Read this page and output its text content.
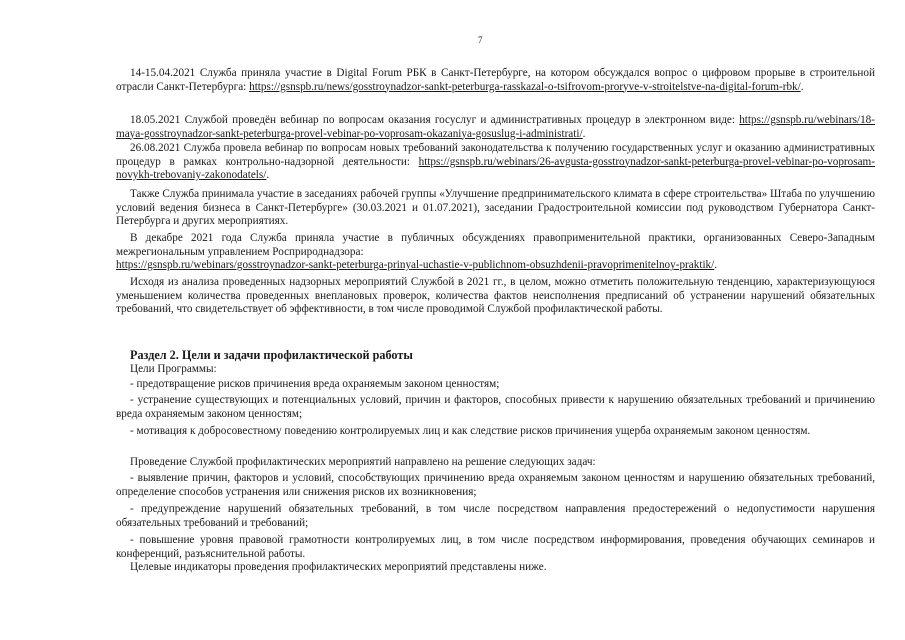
7

14-15.04.2021 Служба приняла участие в Digital Forum РБК в Санкт-Петербурге, на котором обсуждался вопрос о цифровом прорыве в строительной отрасли Санкт-Петербурга: https://gsnspb.ru/news/gosstroynadzor-sankt-peterburga-rasskazal-o-tsifrovom-proryve-v-stroitelstve-na-digital-forum-rbk/.

18.05.2021 Службой проведён вебинар по вопросам оказания госуслуг и административных процедур в электронном виде: https://gsnspb.ru/webinars/18-maya-gosstroynadzor-sankt-peterburga-provel-vebinar-po-voprosam-okazaniya-gosuslug-i-administrati/.

26.08.2021 Служба провела вебинар по вопросам новых требований законодательства к получению государственных услуг и оказанию административных процедур в рамках контрольно-надзорной деятельности: https://gsnspb.ru/webinars/26-avgusta-gosstroynadzor-sankt-peterburga-provel-vebinar-po-voprosam-novykh-trebovaniy-zakonodatels/.

Также Служба принимала участие в заседаниях рабочей группы «Улучшение предпринимательского климата в сфере строительства» Штаба по улучшению условий ведения бизнеса в Санкт-Петербурге» (30.03.2021 и 01.07.2021), заседании Градостроительной комиссии под руководством Губернатора Санкт-Петербурга и других мероприятиях.

В декабре 2021 года Служба приняла участие в публичных обсуждениях правоприменительной практики, организованных Северо-Западным межрегиональным управлением Росприроднадзора:
https://gsnspb.ru/webinars/gosstroynadzor-sankt-peterburga-prinyal-uchastie-v-publichnom-obsuzhdenii-pravoprimenitelnoy-praktik/.

Исходя из анализа проведенных надзорных мероприятий Службой в 2021 гг., в целом, можно отметить положительную тенденцию, характеризующуюся уменьшением количества проведенных внеплановых проверок, количества фактов неисполнения предписаний об устранении нарушений обязательных требований, что свидетельствует об эффективности, в том числе проводимой Службой профилактической работы.

Раздел 2. Цели и задачи профилактической работы

Цели Программы:

- предотвращение рисков причинения вреда охраняемым законом ценностям;

- устранение существующих и потенциальных условий, причин и факторов, способных привести к нарушению обязательных требований и причинению вреда охраняемым законом ценностям;

- мотивация к добросовестному поведению контролируемых лиц и как следствие рисков причинения ущерба охраняемым законом ценностям.

Проведение Службой профилактических мероприятий направлено на решение следующих задач:

- выявление причин, факторов и условий, способствующих причинению вреда охраняемым законом ценностям и нарушению обязательных требований, определение способов устранения или снижения рисков их возникновения;

- предупреждение нарушений обязательных требований, в том числе посредством направления предостережений о недопустимости нарушения обязательных требований и требований;

- повышение уровня правовой грамотности контролируемых лиц, в том числе посредством информирования, проведения обучающих семинаров и конференций, разъяснительной работы.

Целевые индикаторы проведения профилактических мероприятий представлены ниже.
